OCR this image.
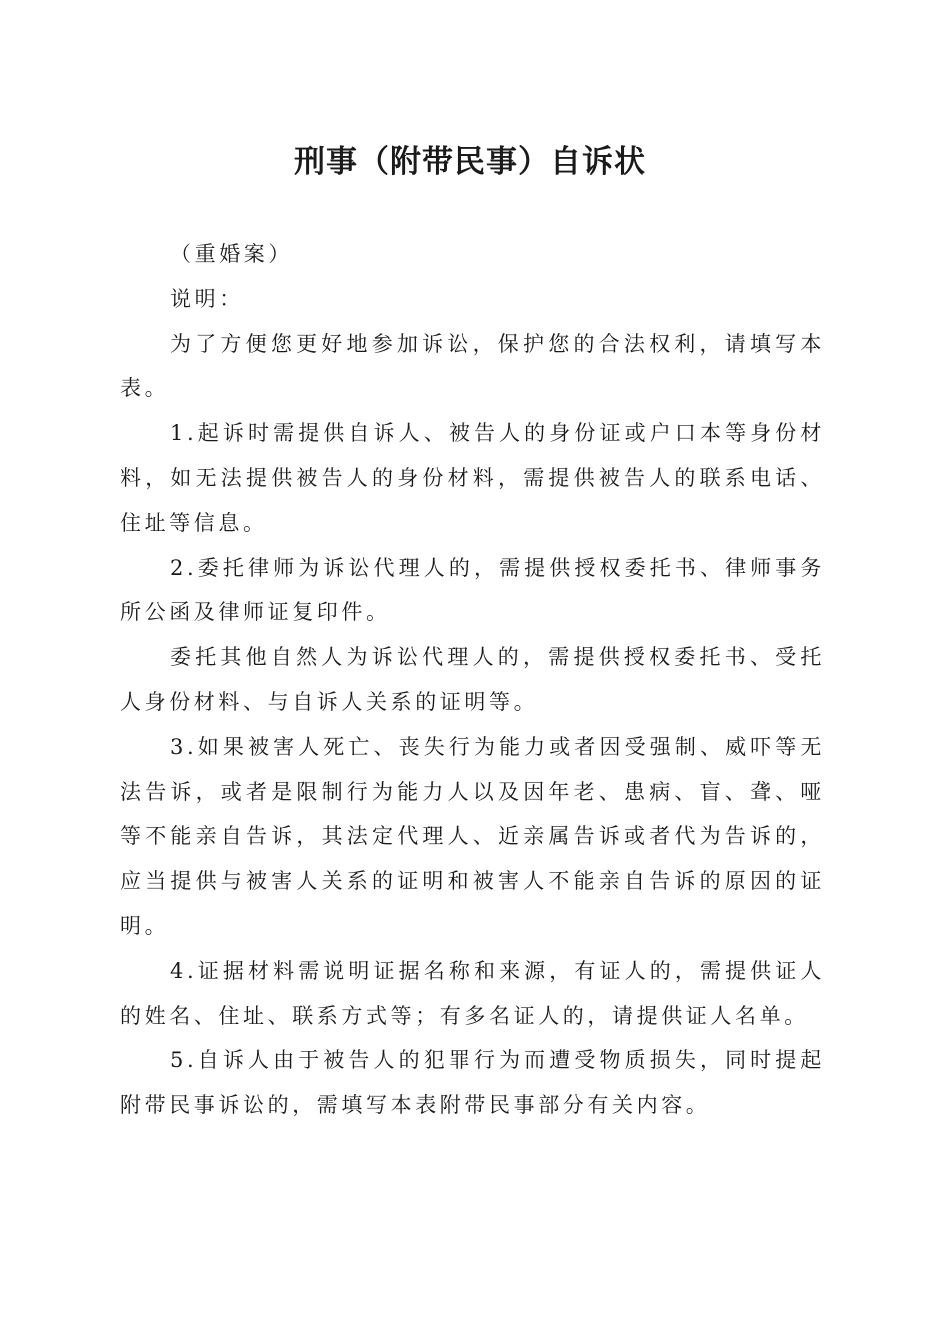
刑事（附带民事）自诉状

（重婚案）

说明：

为了方便您更好地参加诉讼，保护您的合法权利，请填写本表。

1.起诉时需提供自诉人、被告人的身份证或户口本等身份材料，如无法提供被告人的身份材料，需提供被告人的联系电话、住址等信息。

2.委托律师为诉讼代理人的，需提供授权委托书、律师事务所公函及律师证复印件。

委托其他自然人为诉讼代理人的，需提供授权委托书、受托人身份材料、与自诉人关系的证明等。

3.如果被害人死亡、丧失行为能力或者因受强制、威吓等无法告诉，或者是限制行为能力人以及因年老、患病、盲、聋、哑等不能亲自告诉，其法定代理人、近亲属告诉或者代为告诉的，应当提供与被害人关系的证明和被害人不能亲自告诉的原因的证明。

4.证据材料需说明证据名称和来源，有证人的，需提供证人的姓名、住址、联系方式等；有多名证人的，请提供证人名单。

5.自诉人由于被告人的犯罪行为而遭受物质损失，同时提起附带民事诉讼的，需填写本表附带民事部分有关内容。
